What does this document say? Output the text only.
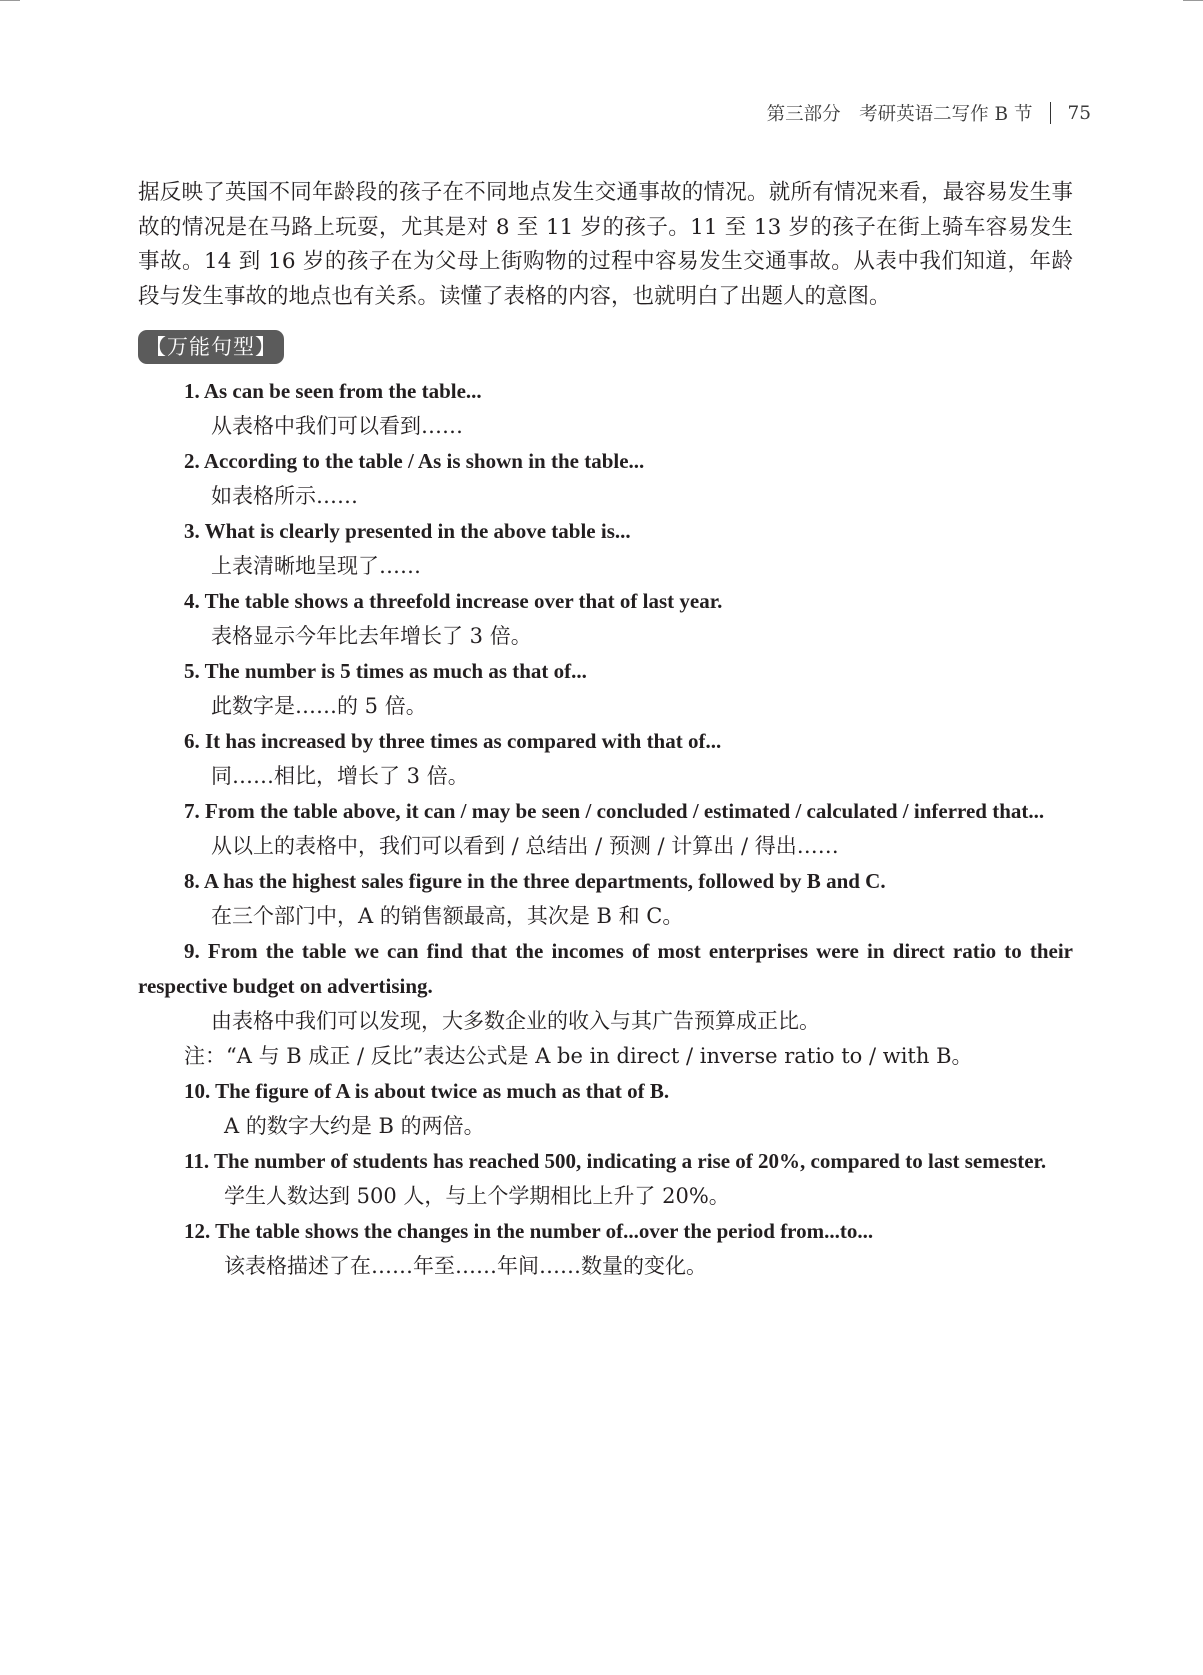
第三部分　考研英语二写作 B 节 75

据反映了英国不同年龄段的孩子在不同地点发生交通事故的情况。就所有情况来看，最容易发生事故的情况是在马路上玩耍，尤其是对 8 至 11 岁的孩子。11 至 13 岁的孩子在街上骑车容易发生事故。14 到 16 岁的孩子在为父母上街购物的过程中容易发生交通事故。从表中我们知道，年龄段与发生事故的地点也有关系。读懂了表格的内容，也就明白了出题人的意图。

【万能句型】

1. As can be seen from the table...

从表格中我们可以看到……

2. According to the table / As is shown in the table...

如表格所示……

3. What is clearly presented in the above table is...

上表清晰地呈现了……

4. The table shows a threefold increase over that of last year.

表格显示今年比去年增长了 3 倍。

5. The number is 5 times as much as that of...

此数字是……的 5 倍。

6. It has increased by three times as compared with that of...

同……相比，增长了 3 倍。

7. From the table above, it can / may be seen / concluded / estimated / calculated / inferred that...

从以上的表格中，我们可以看到 / 总结出 / 预测 / 计算出 / 得出……

8. A has the highest sales figure in the three departments, followed by B and C.

在三个部门中，A 的销售额最高，其次是 B 和 C。

9. From the table we can find that the incomes of most enterprises were in direct ratio to their respective budget on advertising.

由表格中我们可以发现，大多数企业的收入与其广告预算成正比。

注：“A 与 B 成正 / 反比”表达公式是 A be in direct / inverse ratio to / with B。

10. The figure of A is about twice as much as that of B.

A 的数字大约是 B 的两倍。

11. The number of students has reached 500, indicating a rise of 20%, compared to last semester.

学生人数达到 500 人，与上个学期相比上升了 20%。

12. The table shows the changes in the number of...over the period from...to...

该表格描述了在……年至……年间……数量的变化。
